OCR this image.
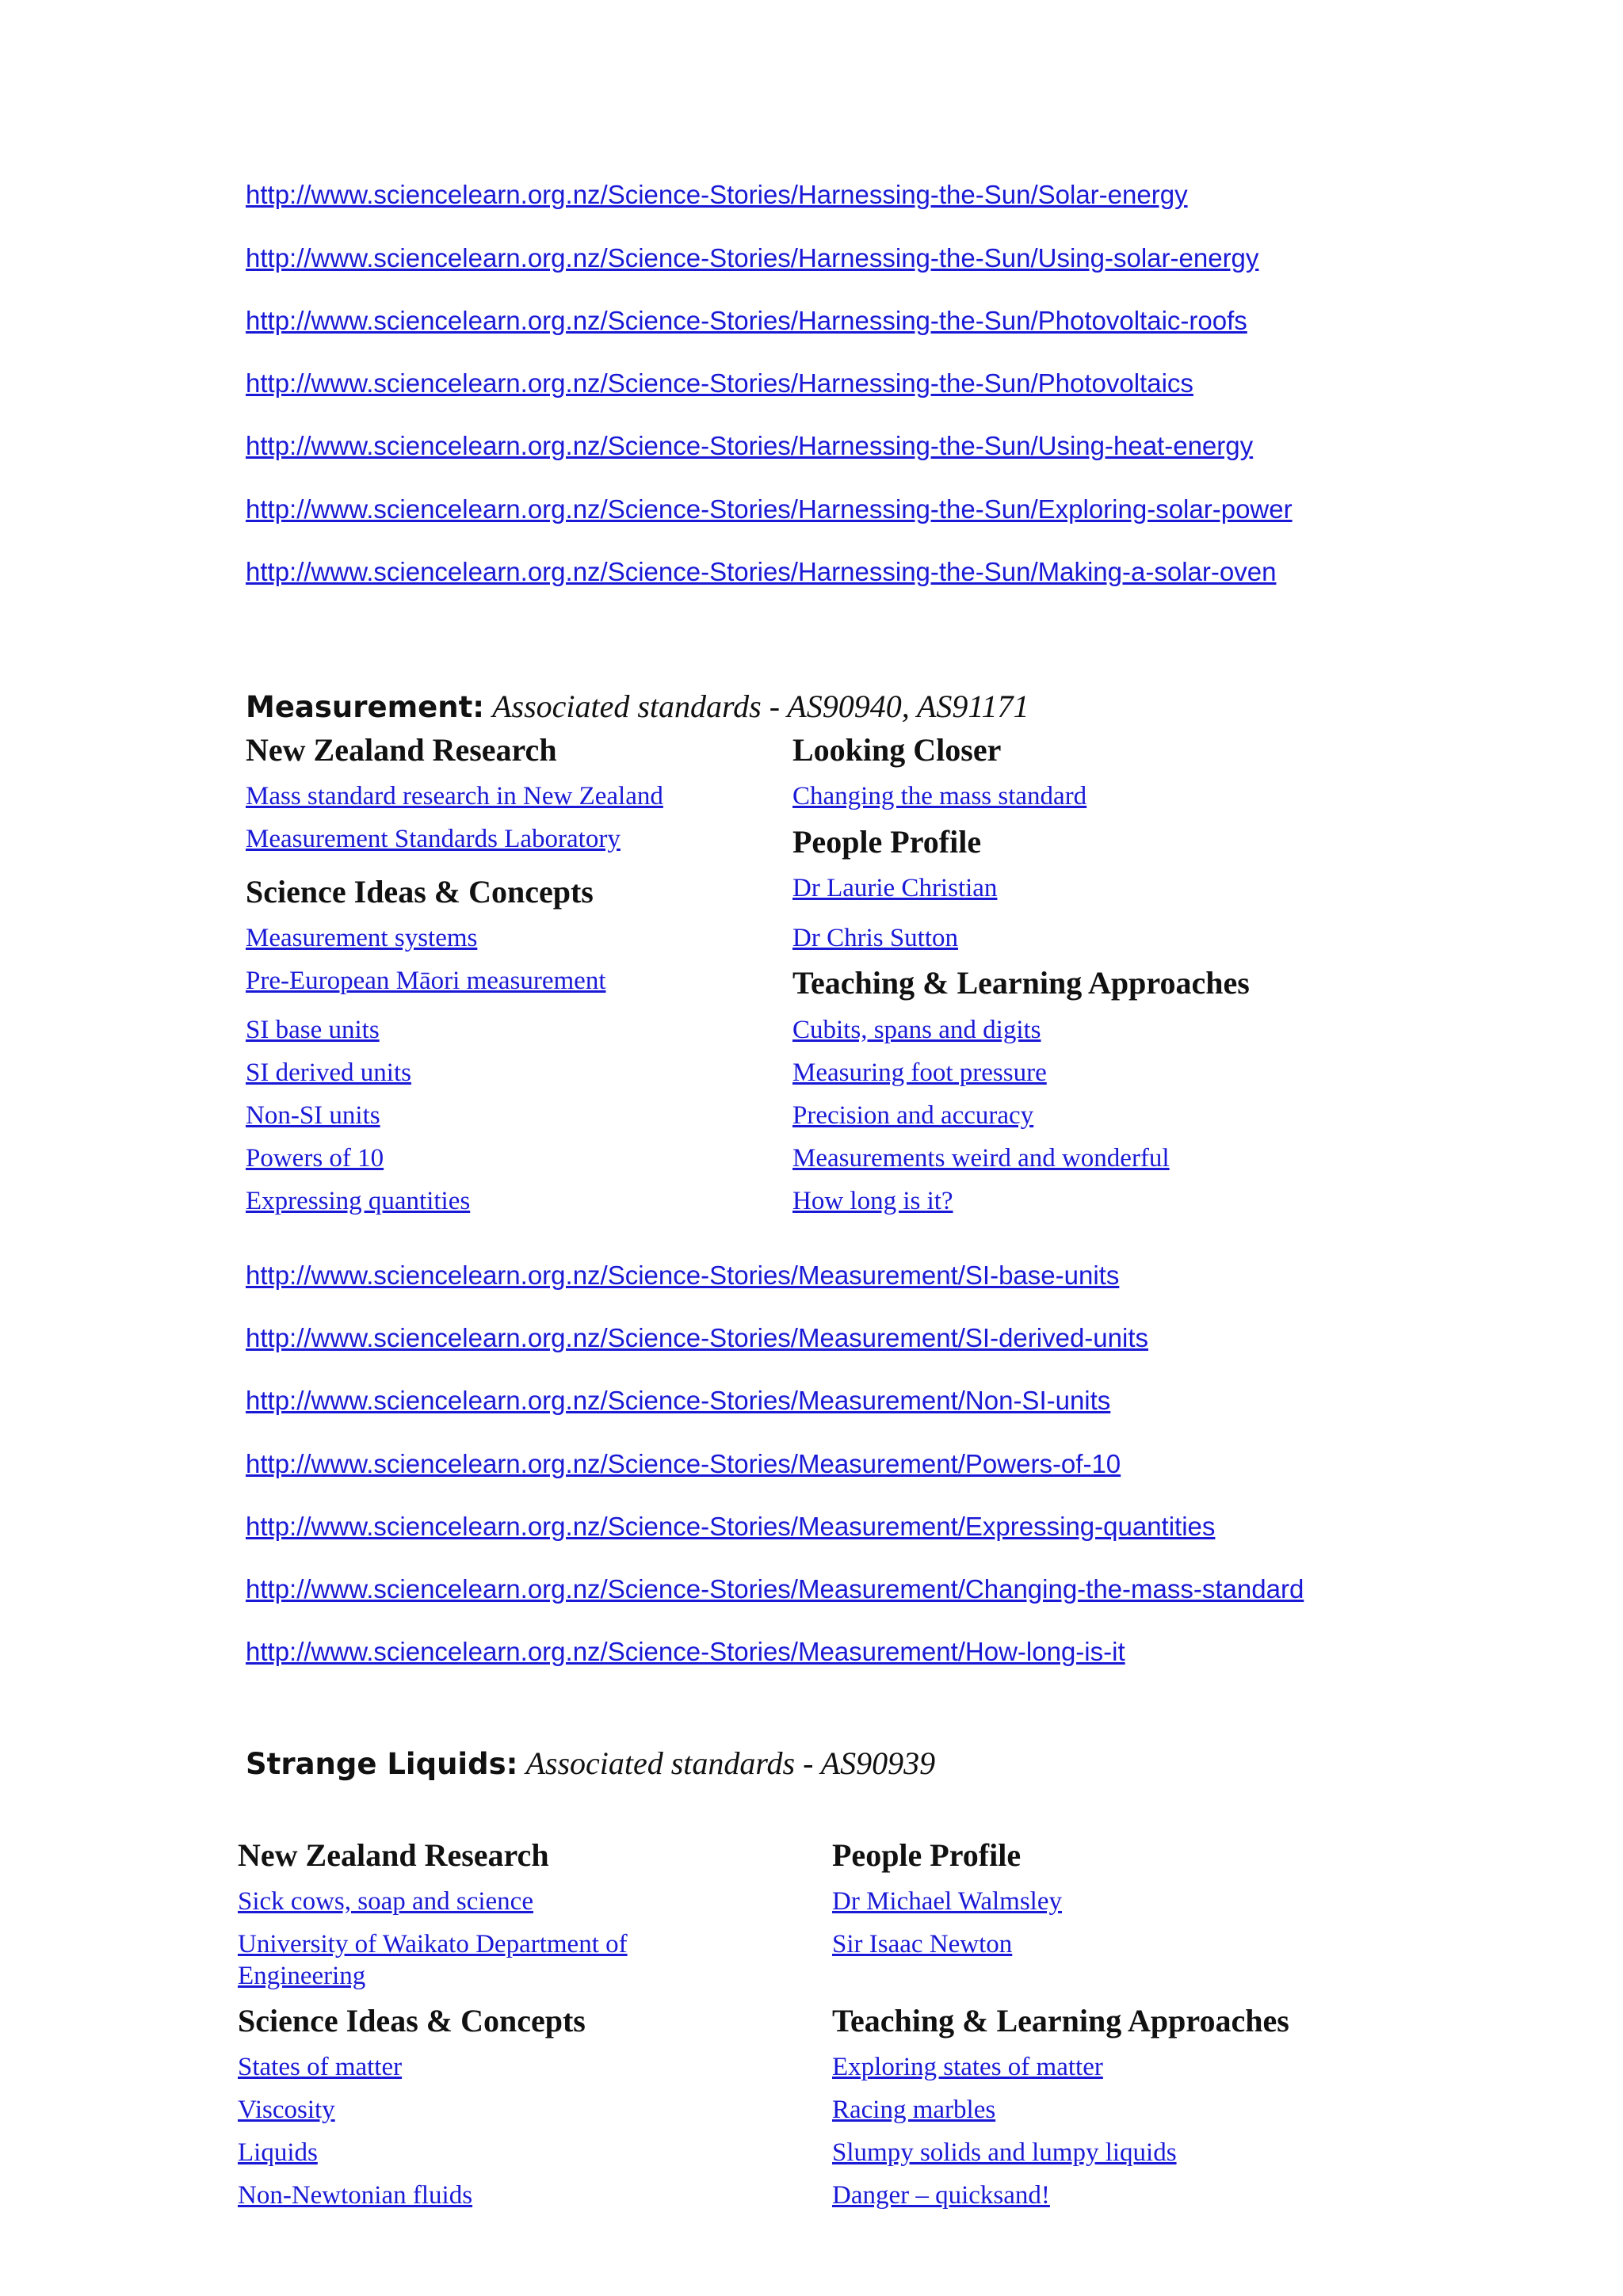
http://www.sciencelearn.org.nz/Science-Stories/Harnessing-the-Sun/Solar-energy
http://www.sciencelearn.org.nz/Science-Stories/Harnessing-the-Sun/Using-solar-energy
http://www.sciencelearn.org.nz/Science-Stories/Harnessing-the-Sun/Photovoltaic-roofs
http://www.sciencelearn.org.nz/Science-Stories/Harnessing-the-Sun/Photovoltaics
http://www.sciencelearn.org.nz/Science-Stories/Harnessing-the-Sun/Using-heat-energy
http://www.sciencelearn.org.nz/Science-Stories/Harnessing-the-Sun/Exploring-solar-power
http://www.sciencelearn.org.nz/Science-Stories/Harnessing-the-Sun/Making-a-solar-oven
Measurement: Associated standards - AS90940, AS91171
New Zealand Research
Mass standard research in New Zealand
Measurement Standards Laboratory
Science Ideas & Concepts
Measurement systems
Pre-European Māori measurement
SI base units
SI derived units
Non-SI units
Powers of 10
Expressing quantities
Looking Closer
Changing the mass standard
People Profile
Dr Laurie Christian
Dr Chris Sutton
Teaching & Learning Approaches
Cubits, spans and digits
Measuring foot pressure
Precision and accuracy
Measurements weird and wonderful
How long is it?
http://www.sciencelearn.org.nz/Science-Stories/Measurement/SI-base-units
http://www.sciencelearn.org.nz/Science-Stories/Measurement/SI-derived-units
http://www.sciencelearn.org.nz/Science-Stories/Measurement/Non-SI-units
http://www.sciencelearn.org.nz/Science-Stories/Measurement/Powers-of-10
http://www.sciencelearn.org.nz/Science-Stories/Measurement/Expressing-quantities
http://www.sciencelearn.org.nz/Science-Stories/Measurement/Changing-the-mass-standard
http://www.sciencelearn.org.nz/Science-Stories/Measurement/How-long-is-it
Strange Liquids: Associated standards - AS90939
New Zealand Research
Sick cows, soap and science
University of Waikato Department of
Engineering
Science Ideas & Concepts
States of matter
Viscosity
Liquids
Non-Newtonian fluids
People Profile
Dr Michael Walmsley
Sir Isaac Newton
Teaching & Learning Approaches
Exploring states of matter
Racing marbles
Slumpy solids and lumpy liquids
Danger – quicksand!
